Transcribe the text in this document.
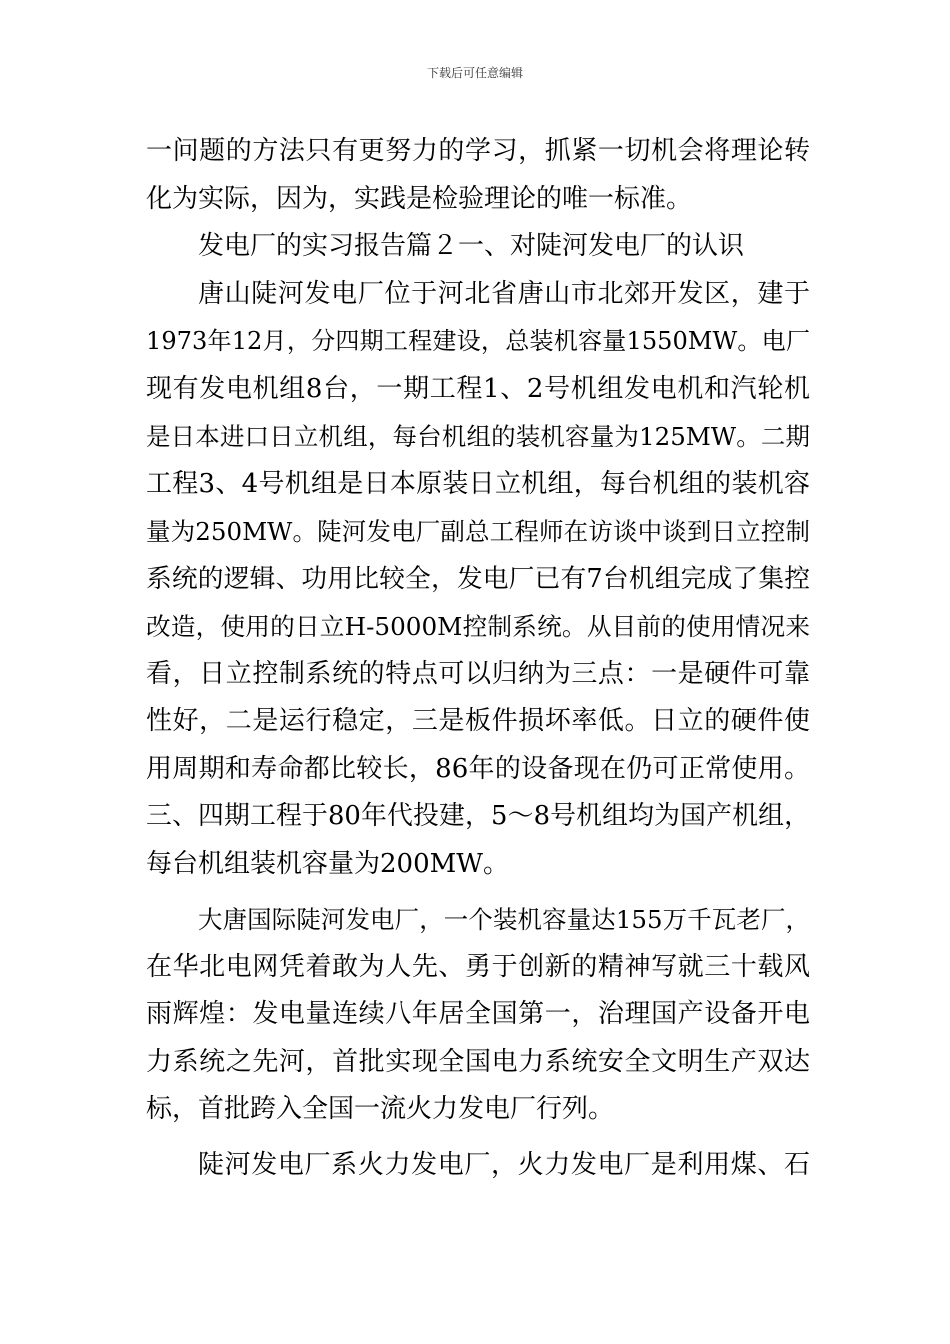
下载后可任意编辑
一问题的方法只有更努力的学习，抓紧一切机会将理论转
化为实际，因为，实践是检验理论的唯一标准。
发电厂的实习报告篇２一、对陡河发电厂的认识
唐山陡河发电厂位于河北省唐山市北郊开发区，建于
1973年12月，分四期工程建设，总装机容量1550MW。电厂
现有发电机组8台，一期工程1、2号机组发电机和汽轮机
是日本进口日立机组，每台机组的装机容量为125MW。二期
工程3、4号机组是日本原装日立机组，每台机组的装机容
量为250MW。陡河发电厂副总工程师在访谈中谈到日立控制
系统的逻辑、功用比较全，发电厂已有7台机组完成了集控
改造，使用的日立H-5000M控制系统。从目前的使用情况来
看，日立控制系统的特点可以归纳为三点：一是硬件可靠
性好，二是运行稳定，三是板件损坏率低。日立的硬件使
用周期和寿命都比较长，86年的设备现在仍可正常使用。
三、四期工程于80年代投建，5～8号机组均为国产机组，
每台机组装机容量为200MW。
大唐国际陡河发电厂，一个装机容量达155万千瓦老厂，
在华北电网凭着敢为人先、勇于创新的精神写就三十载风
雨辉煌：发电量连续八年居全国第一，治理国产设备开电
力系统之先河，首批实现全国电力系统安全文明生产双达
标，首批跨入全国一流火力发电厂行列。
陡河发电厂系火力发电厂，火力发电厂是利用煤、石
